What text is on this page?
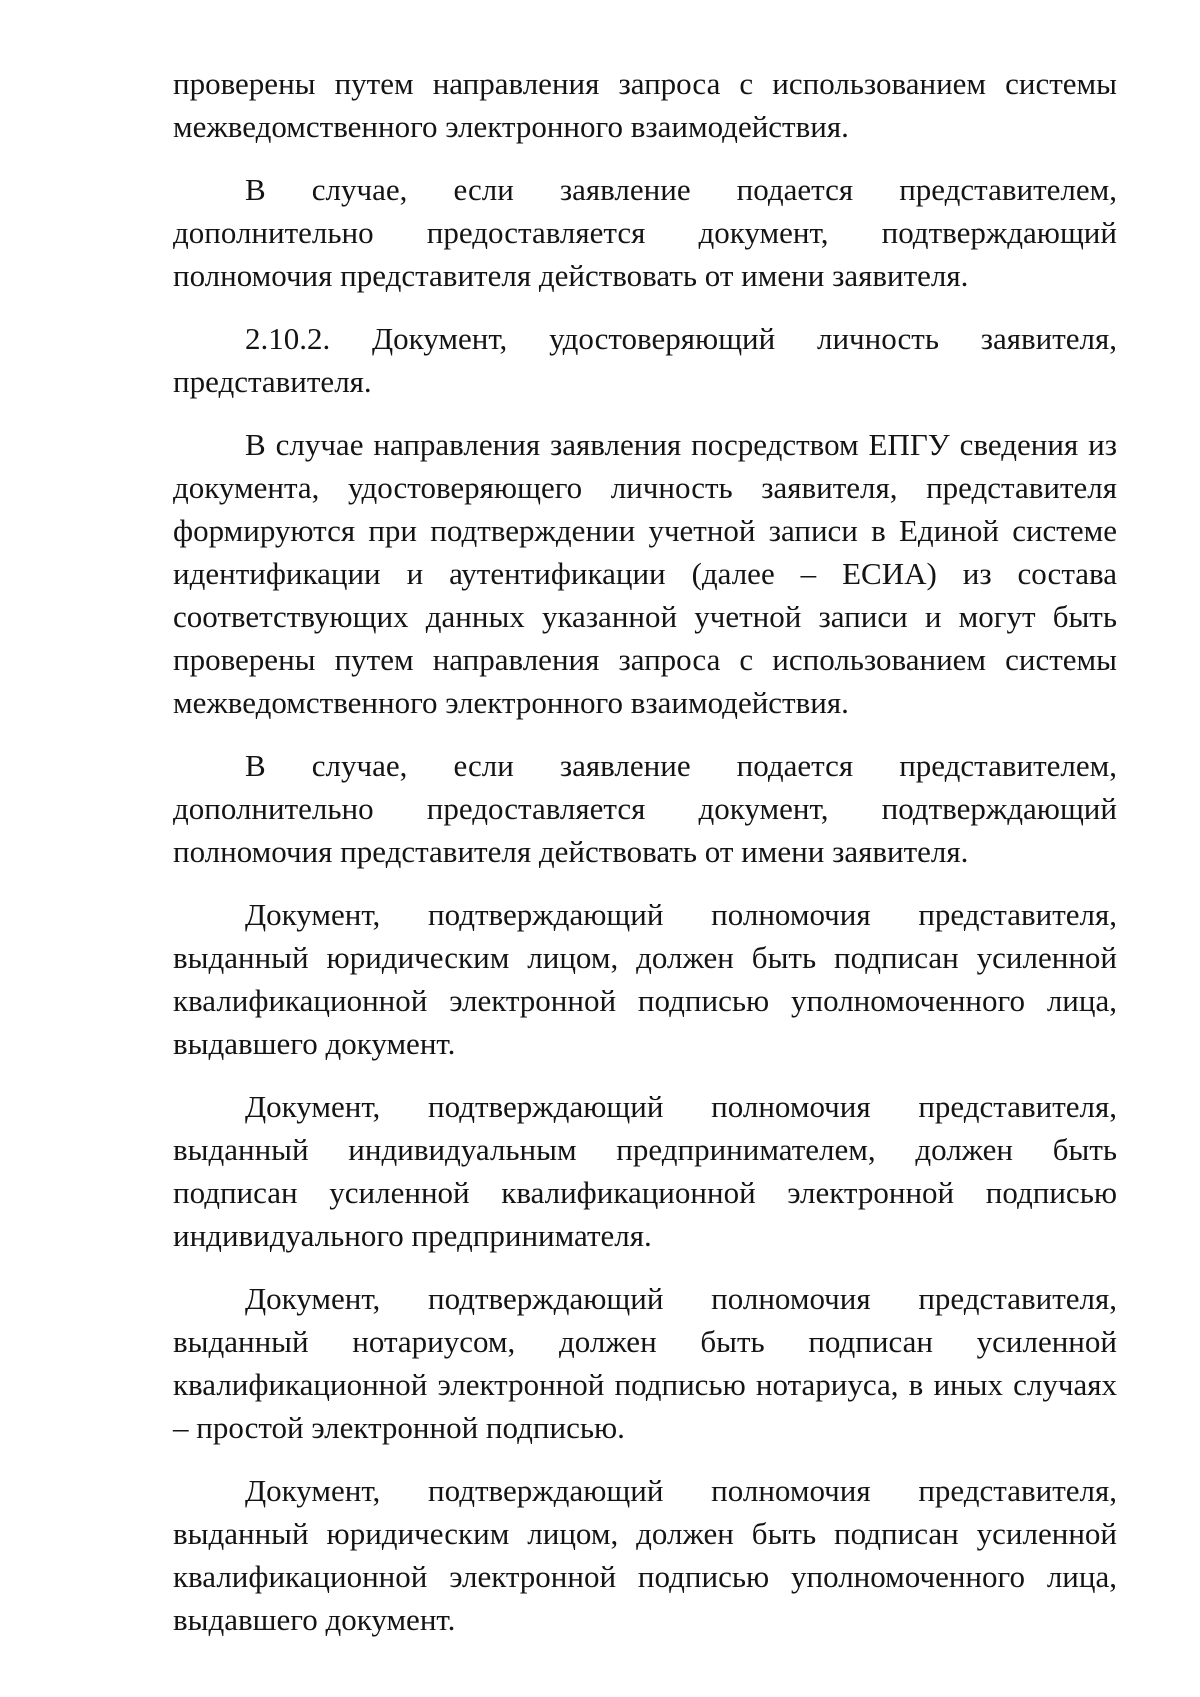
проверены путем направления запроса с использованием системы межведомственного электронного взаимодействия.

В случае, если заявление подается представителем, дополнительно предоставляется документ, подтверждающий полномочия представителя действовать от имени заявителя.

2.10.2. Документ, удостоверяющий личность заявителя, представителя.

В случае направления заявления посредством ЕПГУ сведения из документа, удостоверяющего личность заявителя, представителя формируются при подтверждении учетной записи в Единой системе идентификации и аутентификации (далее – ЕСИА) из состава соответствующих данных указанной учетной записи и могут быть проверены путем направления запроса с использованием системы межведомственного электронного взаимодействия.

В случае, если заявление подается представителем, дополнительно предоставляется документ, подтверждающий полномочия представителя действовать от имени заявителя.

Документ, подтверждающий полномочия представителя, выданный юридическим лицом, должен быть подписан усиленной квалификационной электронной подписью уполномоченного лица, выдавшего документ.

Документ, подтверждающий полномочия представителя, выданный индивидуальным предпринимателем, должен быть подписан усиленной квалификационной электронной подписью индивидуального предпринимателя.

Документ, подтверждающий полномочия представителя, выданный нотариусом, должен быть подписан усиленной квалификационной электронной подписью нотариуса, в иных случаях – простой электронной подписью.

Документ, подтверждающий полномочия представителя, выданный юридическим лицом, должен быть подписан усиленной квалификационной электронной подписью уполномоченного лица, выдавшего документ.
